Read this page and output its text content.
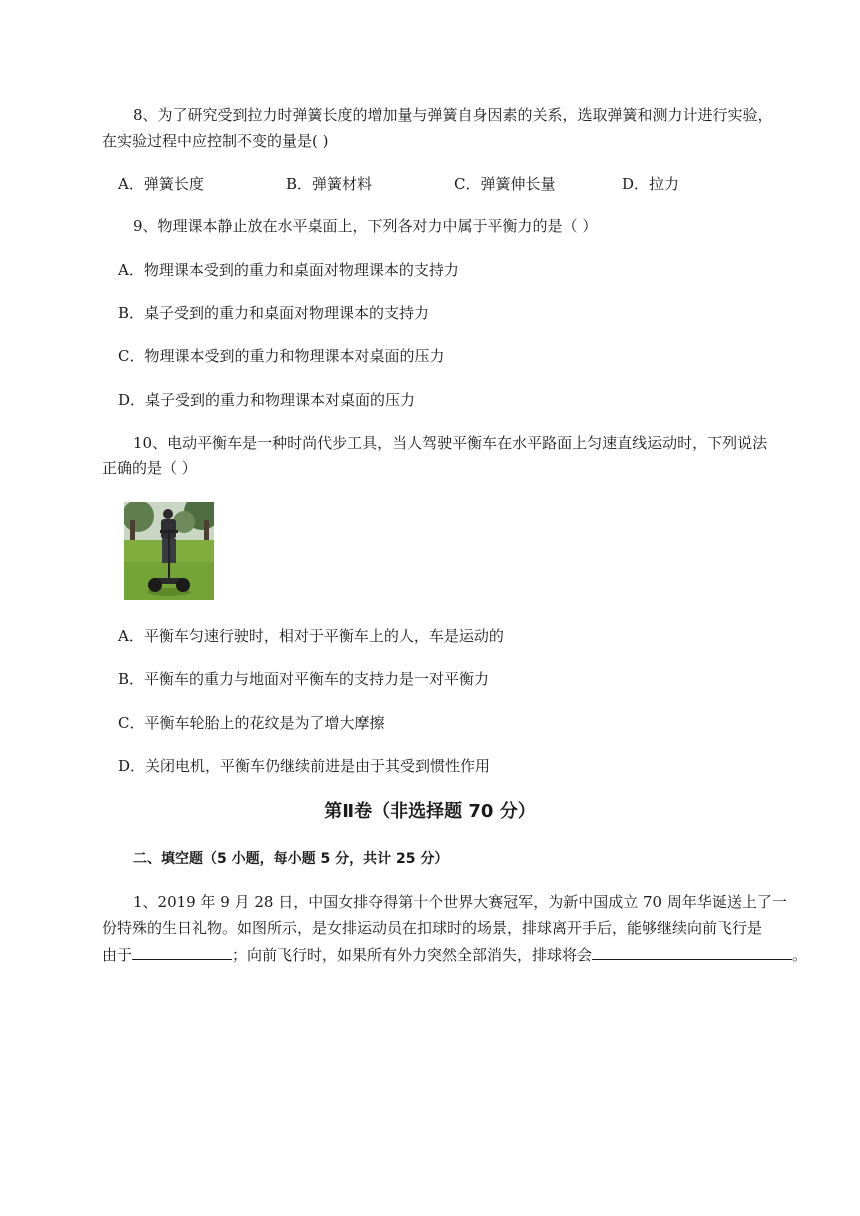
8、为了研究受到拉力时弹簧长度的增加量与弹簧自身因素的关系，选取弹簧和测力计进行实验，
在实验过程中应控制不变的量是( )
A．弹簧长度	B．弹簧材料	C．弹簧伸长量	D．拉力
9、物理课本静止放在水平桌面上，下列各对力中属于平衡力的是（ ）
A．物理课本受到的重力和桌面对物理课本的支持力
B．桌子受到的重力和桌面对物理课本的支持力
C．物理课本受到的重力和物理课本对桌面的压力
D．桌子受到的重力和物理课本对桌面的压力
10、电动平衡车是一种时尚代步工具，当人驾驶平衡车在水平路面上匀速直线运动时，下列说法
正确的是（ ）
A．平衡车匀速行驶时，相对于平衡车上的人，车是运动的
B．平衡车的重力与地面对平衡车的支持力是一对平衡力
C．平衡车轮胎上的花纹是为了增大摩擦
D．关闭电机，平衡车仍继续前进是由于其受到惯性作用
第Ⅱ卷（非选择题 70 分）
二、填空题（5 小题，每小题 5 分，共计 25 分）
1、2019 年 9 月 28 日，中国女排夺得第十个世界大赛冠军，为新中国成立 70 周年华诞送上了一
份特殊的生日礼物。如图所示，是女排运动员在扣球时的场景，排球离开手后，能够继续向前飞行是
由于	；向前飞行时，如果所有外力突然全部消失，排球将会	。
